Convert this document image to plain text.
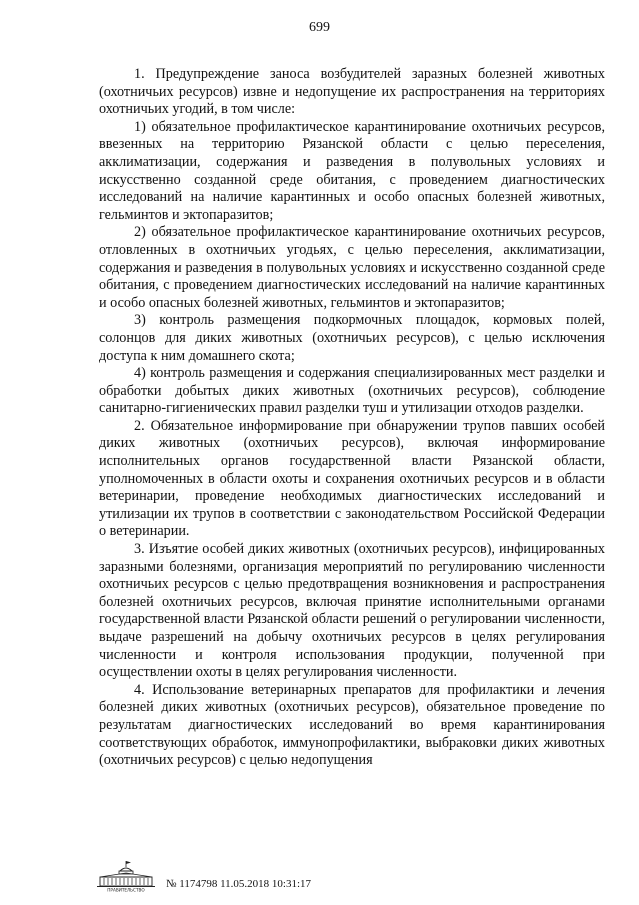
699

1. Предупреждение заноса возбудителей заразных болезней животных (охотничьих ресурсов) извне и недопущение их распространения на территориях охотничьих угодий, в том числе:

1) обязательное профилактическое карантинирование охотничьих ресурсов, ввезенных на территорию Рязанской области с целью переселения, акклиматизации, содержания и разведения в полувольных условиях и искусственно созданной среде обитания, с проведением диагностических исследований на наличие карантинных и особо опасных болезней животных, гельминтов и эктопаразитов;

2) обязательное профилактическое карантинирование охотничьих ресурсов, отловленных в охотничьих угодьях, с целью переселения, акклиматизации, содержания и разведения в полувольных условиях и искусственно созданной среде обитания, с проведением диагностических исследований на наличие карантинных и особо опасных болезней животных, гельминтов и эктопаразитов;

3) контроль размещения подкормочных площадок, кормовых полей, солонцов для диких животных (охотничьих ресурсов), с целью исключения доступа к ним домашнего скота;

4) контроль размещения и содержания специализированных мест разделки и обработки добытых диких животных (охотничьих ресурсов), соблюдение санитарно-гигиенических правил разделки туш и утилизации отходов разделки.

2. Обязательное информирование при обнаружении трупов павших особей диких животных (охотничьих ресурсов), включая информирование исполнительных органов государственной власти Рязанской области, уполномоченных в области охоты и сохранения охотничьих ресурсов и в области ветеринарии, проведение необходимых диагностических исследований и утилизации их трупов в соответствии с законодательством Российской Федерации о ветеринарии.

3. Изъятие особей диких животных (охотничьих ресурсов), инфицированных заразными болезнями, организация мероприятий по регулированию численности охотничьих ресурсов с целью предотвращения возникновения и распространения болезней охотничьих ресурсов, включая принятие исполнительными органами государственной власти Рязанской области решений о регулировании численности, выдаче разрешений на добычу охотничьих ресурсов в целях регулирования численности и контроля использования продукции, полученной при осуществлении охоты в целях регулирования численности.

4. Использование ветеринарных препаратов для профилактики и лечения болезней диких животных (охотничьих ресурсов), обязательное проведение по результатам диагностических исследований во время карантинирования соответствующих обработок, иммунопрофилактики, выбраковки диких животных (охотничьих ресурсов) с целью недопущения

ПРАВИТЕЛЬСТВО № 1174798 11.05.2018 10:31:17
